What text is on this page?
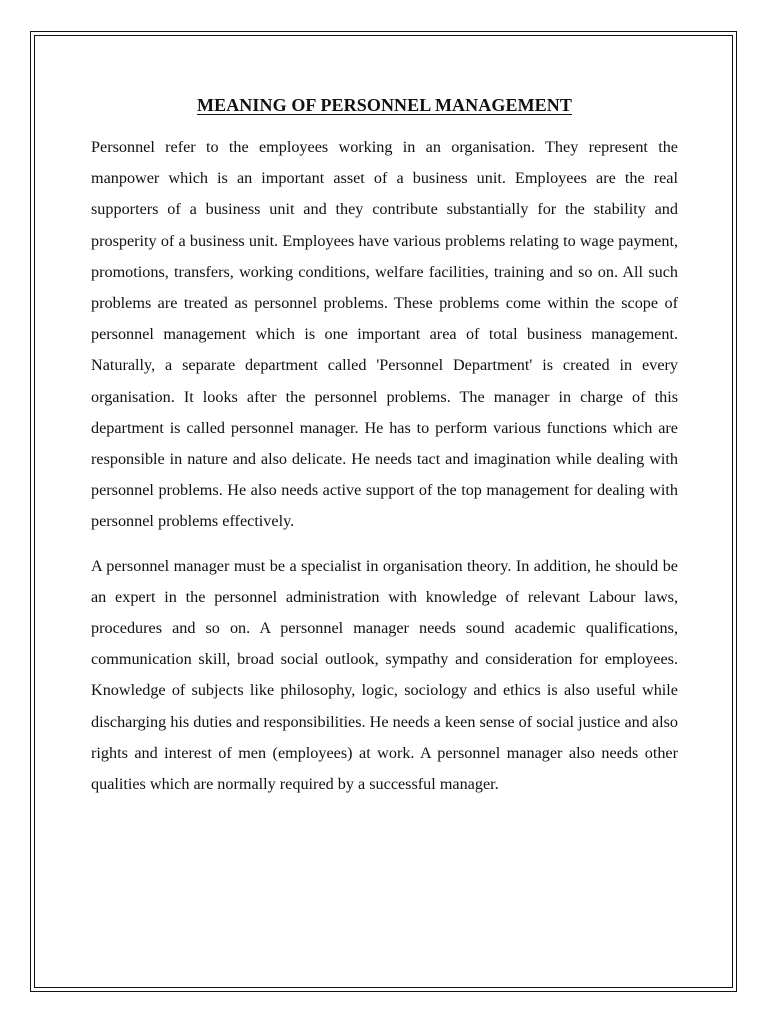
MEANING OF PERSONNEL MANAGEMENT

Personnel refer to the employees working in an organisation. They represent the manpower which is an important asset of a business unit. Employees are the real supporters of a business unit and they contribute substantially for the stability and prosperity of a business unit. Employees have various problems relating to wage payment, promotions, transfers, working conditions, welfare facilities, training and so on. All such problems are treated as personnel problems. These problems come within the scope of personnel management which is one important area of total business management. Naturally, a separate department called 'Personnel Department' is created in every organisation. It looks after the personnel problems. The manager in charge of this department is called personnel manager. He has to perform various functions which are responsible in nature and also delicate. He needs tact and imagination while dealing with personnel problems. He also needs active support of the top management for dealing with personnel problems effectively.

A personnel manager must be a specialist in organisation theory. In addition, he should be an expert in the personnel administration with knowledge of relevant Labour laws, procedures and so on. A personnel manager needs sound academic qualifications, communication skill, broad social outlook, sympathy and consideration for employees. Knowledge of subjects like philosophy, logic, sociology and ethics is also useful while discharging his duties and responsibilities. He needs a keen sense of social justice and also rights and interest of men (employees) at work. A personnel manager also needs other qualities which are normally required by a successful manager.
